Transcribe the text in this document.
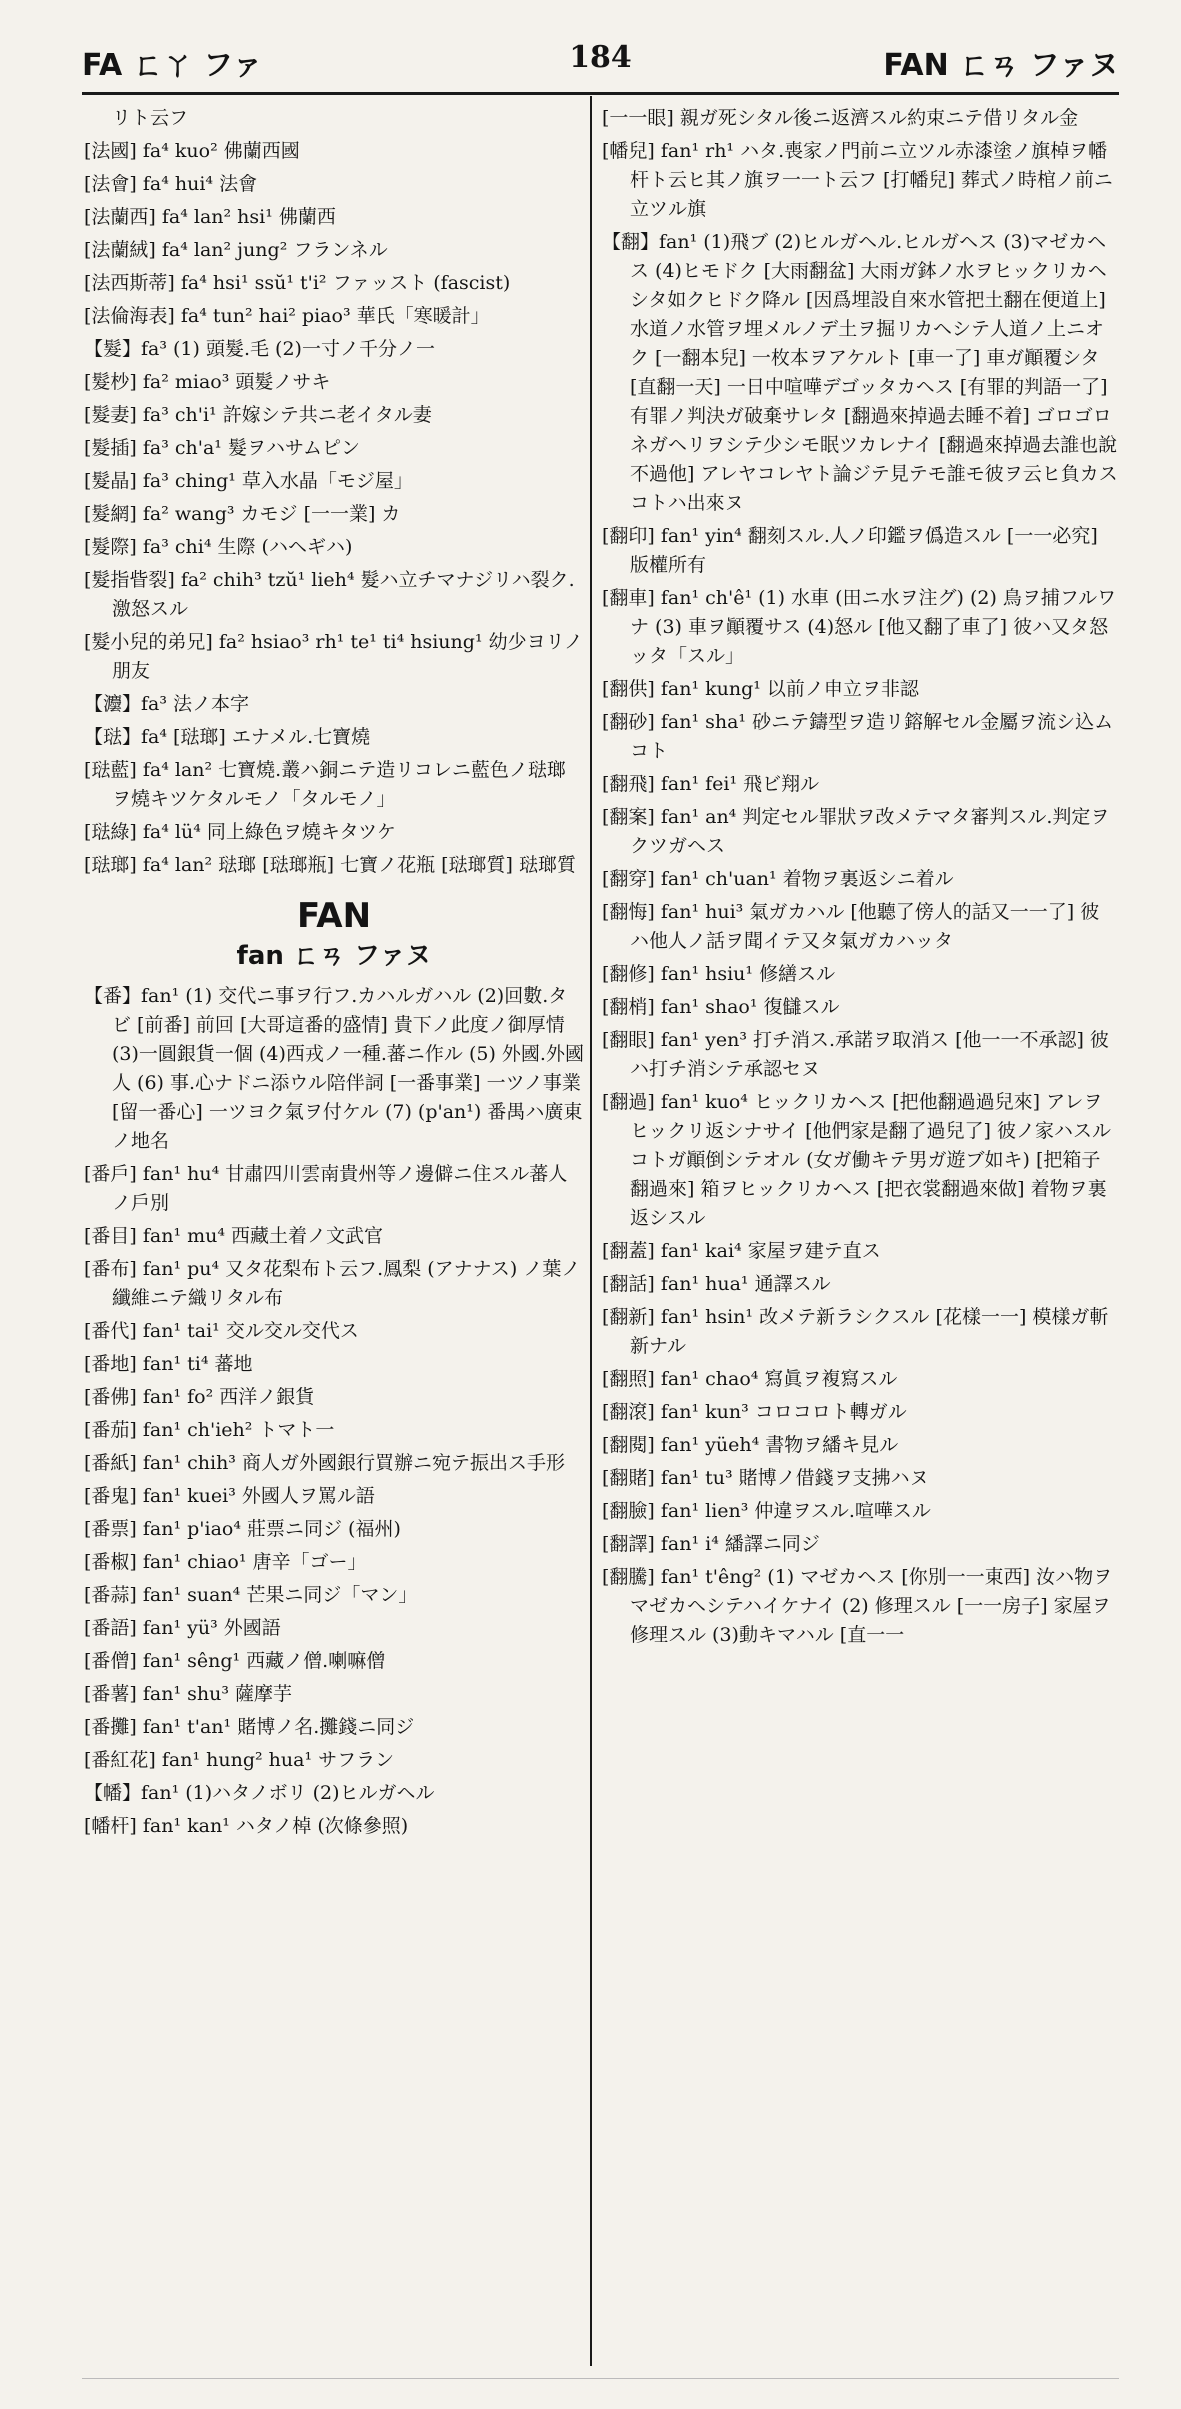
FA ㄈㄚ ファ	184	FAN ㄈㄢ ファヌ

リト云フ

[法國] fa⁴ kuo² 佛蘭西國

[法會] fa⁴ hui⁴ 法會

[法蘭西] fa⁴ lan² hsi¹ 佛蘭西

[法蘭絨] fa⁴ lan² jung² フランネル

[法西斯蒂] fa⁴ hsi¹ ssŭ¹ t'i² ファッスト (fascist)

[法倫海表] fa⁴ tun² hai² piao³ 華氏「寒暖計」

【髮】fa³ (1) 頭髮.毛 (2)一寸ノ千分ノ一

[髮杪] fa² miao³ 頭髮ノサキ

[髮妻] fa³ ch'i¹ 許嫁シテ共ニ老イタル妻

[髮插] fa³ ch'a¹ 髮ヲハサムピン

[髮晶] fa³ ching¹ 草入水晶「モジ屋」

[髮網] fa² wang³ カモジ [一一業] カ

[髮際] fa³ chi⁴ 生際 (ハヘギハ)

[髮指眥裂] fa² chih³ tzŭ¹ lieh⁴ 髮ハ立チマナジリハ裂ク.激怒スル

[髮小兒的弟兄] fa² hsiao³ rh¹ te¹ ti⁴ hsiung¹ 幼少ヨリノ朋友

【灋】fa³ 法ノ本字

【琺】fa⁴ [琺瑯] エナメル.七寶燒

[琺藍] fa⁴ lan² 七寶燒.叢ハ銅ニテ造リコレニ藍色ノ琺瑯ヲ燒キツケタルモノ「タルモノ」

[琺綠] fa⁴ lü⁴ 同上綠色ヲ燒キタツケ

[琺瑯] fa⁴ lan² 琺瑯 [琺瑯瓶] 七寶ノ花瓶 [琺瑯質] 琺瑯質

FAN
fan ㄈㄢ ファヌ

【番】fan¹ (1) 交代ニ事ヲ行フ.カハルガハル (2)回數.タビ [前番] 前回 [大哥這番的盛情] 貴下ノ此度ノ御厚情 (3)一圓銀貨一個 (4)西戎ノ一種.蕃ニ作ル (5) 外國.外國人 (6) 事.心ナドニ添ウル陪伴詞 [一番事業] 一ツノ事業 [留一番心] 一ツヨク氣ヲ付ケル (7) (p'an¹) 番禺ハ廣東ノ地名

[番戶] fan¹ hu⁴ 甘肅四川雲南貴州等ノ邊僻ニ住スル蕃人ノ戶別

[番目] fan¹ mu⁴ 西藏土着ノ文武官

[番布] fan¹ pu⁴ 又タ花梨布ト云フ.鳳梨 (アナナス) ノ葉ノ纖維ニテ織リタル布

[番代] fan¹ tai¹ 交ル交ル交代ス

[番地] fan¹ ti⁴ 蕃地

[番佛] fan¹ fo² 西洋ノ銀貨

[番茄] fan¹ ch'ieh² トマト一

[番紙] fan¹ chih³ 商人ガ外國銀行買辦ニ宛テ振出ス手形

[番鬼] fan¹ kuei³ 外國人ヲ罵ル語

[番票] fan¹ p'iao⁴ 莊票ニ同ジ (福州)

[番椒] fan¹ chiao¹ 唐辛「ゴー」

[番蒜] fan¹ suan⁴ 芒果ニ同ジ「マン」

[番語] fan¹ yü³ 外國語

[番僧] fan¹ sêng¹ 西藏ノ僧.喇嘛僧

[番薯] fan¹ shu³ 薩摩芋

[番攤] fan¹ t'an¹ 賭博ノ名.攤錢ニ同ジ

[番紅花] fan¹ hung² hua¹ サフラン

【幡】fan¹ (1)ハタノボリ (2)ヒルガヘル

[幡杆] fan¹ kan¹ ハタノ棹 (次條參照)

[一一眼] 親ガ死シタル後ニ返濟スル約束ニテ借リタル金

[幡兒] fan¹ rh¹ ハタ.喪家ノ門前ニ立ツル赤漆塗ノ旗棹ヲ幡杆ト云ヒ其ノ旗ヲ一一ト云フ [打幡兒] 葬式ノ時棺ノ前ニ立ツル旗

【翻】fan¹ (1)飛ブ (2)ヒルガヘル.ヒルガヘス (3)マゼカヘス (4)ヒモドク [大雨翻盆] 大雨ガ鉢ノ水ヲヒックリカヘシタ如クヒドク降ル [因爲埋設自來水管把土翻在便道上] 水道ノ水管ヲ埋メルノデ土ヲ掘リカヘシテ人道ノ上ニオク [一翻本兒] 一枚本ヲアケルト [車一了] 車ガ顚覆シタ [直翻一天] 一日中喧嘩デゴッタカヘス [有罪的判語一了] 有罪ノ判決ガ破棄サレタ [翻過來掉過去睡不着] ゴロゴロネガヘリヲシテ少シモ眠ツカレナイ [翻過來掉過去誰也說不過他] アレヤコレヤト論ジテ見テモ誰モ彼ヲ云ヒ負カスコトハ出來ヌ

[翻印] fan¹ yin⁴ 翻刻スル.人ノ印鑑ヲ僞造スル [一一必究] 版權所有

[翻車] fan¹ ch'ê¹ (1) 水車 (田ニ水ヲ注グ) (2) 鳥ヲ捕フルワナ (3) 車ヲ顚覆サス (4)怒ル [他又翻了車了] 彼ハ又タ怒ッタ「スル」

[翻供] fan¹ kung¹ 以前ノ申立ヲ非認

[翻砂] fan¹ sha¹ 砂ニテ鑄型ヲ造リ鎔解セル金屬ヲ流シ込ムコト

[翻飛] fan¹ fei¹ 飛ビ翔ル

[翻案] fan¹ an⁴ 判定セル罪狀ヲ改メテマタ審判スル.判定ヲクツガヘス

[翻穿] fan¹ ch'uan¹ 着物ヲ裏返シニ着ル

[翻悔] fan¹ hui³ 氣ガカハル [他聽了傍人的話又一一了] 彼ハ他人ノ話ヲ聞イテ又タ氣ガカハッタ

[翻修] fan¹ hsiu¹ 修繕スル

[翻梢] fan¹ shao¹ 復讎スル

[翻眼] fan¹ yen³ 打チ消ス.承諾ヲ取消ス [他一一不承認] 彼ハ打チ消シテ承認セヌ

[翻過] fan¹ kuo⁴ ヒックリカヘス [把他翻過過兒來] アレヲヒックリ返シナサイ [他們家是翻了過兒了] 彼ノ家ハスルコトガ顚倒シテオル (女ガ働キテ男ガ遊ブ如キ) [把箱子翻過來] 箱ヲヒックリカヘス [把衣裳翻過來做] 着物ヲ裏返シスル

[翻蓋] fan¹ kai⁴ 家屋ヲ建テ直ス

[翻話] fan¹ hua¹ 通譯スル

[翻新] fan¹ hsin¹ 改メテ新ラシクスル [花樣一一] 模樣ガ斬新ナル

[翻照] fan¹ chao⁴ 寫眞ヲ複寫スル

[翻滾] fan¹ kun³ コロコロト轉ガル

[翻閱] fan¹ yüeh⁴ 書物ヲ繙キ見ル

[翻賭] fan¹ tu³ 賭博ノ借錢ヲ支拂ハヌ

[翻臉] fan¹ lien³ 仲違ヲスル.喧嘩スル

[翻譯] fan¹ i⁴ 繙譯ニ同ジ

[翻騰] fan¹ t'êng² (1) マゼカヘス [你別一一東西] 汝ハ物ヲマゼカヘシテハイケナイ (2) 修理スル [一一房子] 家屋ヲ修理スル (3)動キマハル [直一一
